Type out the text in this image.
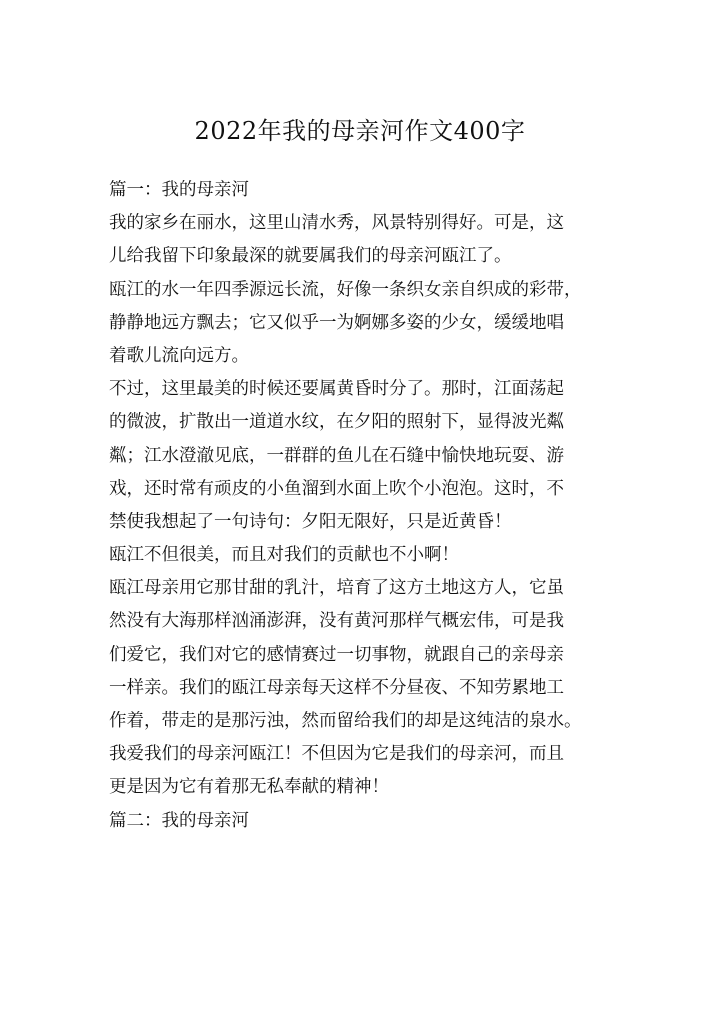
2022年我的母亲河作文400字
篇一：我的母亲河
我的家乡在丽水，这里山清水秀，风景特别得好。可是，这
儿给我留下印象最深的就要属我们的母亲河瓯江了。
瓯江的水一年四季源远长流，好像一条织女亲自织成的彩带，
静静地远方飘去；它又似乎一为婀娜多姿的少女，缓缓地唱
着歌儿流向远方。
不过，这里最美的时候还要属黄昏时分了。那时，江面荡起
的微波，扩散出一道道水纹，在夕阳的照射下，显得波光粼
粼；江水澄澈见底，一群群的鱼儿在石缝中愉快地玩耍、游
戏，还时常有顽皮的小鱼溜到水面上吹个小泡泡。这时，不
禁使我想起了一句诗句：夕阳无限好，只是近黄昏！
瓯江不但很美，而且对我们的贡献也不小啊！
瓯江母亲用它那甘甜的乳汁，培育了这方土地这方人，它虽
然没有大海那样汹涌澎湃，没有黄河那样气概宏伟，可是我
们爱它，我们对它的感情赛过一切事物，就跟自己的亲母亲
一样亲。我们的瓯江母亲每天这样不分昼夜、不知劳累地工
作着，带走的是那污浊，然而留给我们的却是这纯洁的泉水。
我爱我们的母亲河瓯江！不但因为它是我们的母亲河，而且
更是因为它有着那无私奉献的精神！
篇二：我的母亲河
